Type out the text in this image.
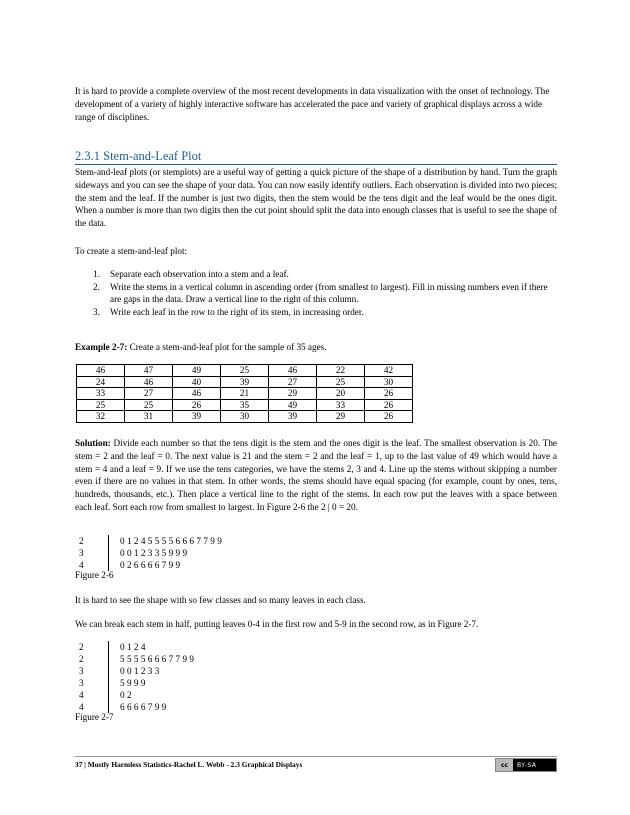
It is hard to provide a complete overview of the most recent developments in data visualization with the onset of technology. The development of a variety of highly interactive software has accelerated the pace and variety of graphical displays across a wide range of disciplines.

2.3.1 Stem-and-Leaf Plot

Stem-and-leaf plots (or stemplots) are a useful way of getting a quick picture of the shape of a distribution by hand. Turn the graph sideways and you can see the shape of your data. You can now easily identify outliers. Each observation is divided into two pieces; the stem and the leaf. If the number is just two digits, then the stem would be the tens digit and the leaf would be the ones digit. When a number is more than two digits then the cut point should split the data into enough classes that is useful to see the shape of the data.

To create a stem-and-leaf plot:

1. Separate each observation into a stem and a leaf.
2. Write the stems in a vertical column in ascending order (from smallest to largest). Fill in missing numbers even if there are gaps in the data. Draw a vertical line to the right of this column.
3. Write each leaf in the row to the right of its stem, in increasing order.

Example 2-7: Create a stem-and-leaf plot for the sample of 35 ages.

46	47	49	25	46	22	42
24	46	40	39	27	25	30
33	27	46	21	29	20	26
25	25	26	35	49	33	26
32	31	39	30	39	29	26

Solution: Divide each number so that the tens digit is the stem and the ones digit is the leaf. The smallest observation is 20. The stem = 2 and the leaf = 0. The next value is 21 and the stem = 2 and the leaf = 1, up to the last value of 49 which would have a stem = 4 and a leaf = 9. If we use the tens categories, we have the stems 2, 3 and 4. Line up the stems without skipping a number even if there are no values in that stem. In other words, the stems should have equal spacing (for example, count by ones, tens, hundreds, thousands, etc.). Then place a vertical line to the right of the stems. In each row put the leaves with a space between each leaf. Sort each row from smallest to largest. In Figure 2-6 the 2 | 0 = 20.

2	012455556667799
3	0012335999
4	026666799
Figure 2-6

It is hard to see the shape with so few classes and so many leaves in each class.

We can break each stem in half, putting leaves 0-4 in the first row and 5-9 in the second row, as in Figure 2-7.

2	0124
2	55556667799
3	001233
3	5999
4	02
4	6666799
Figure 2-7
37 | Mostly Harmless Statistics-Rachel L. Webb - 2.3 Graphical Displays	cc	BY-SA
